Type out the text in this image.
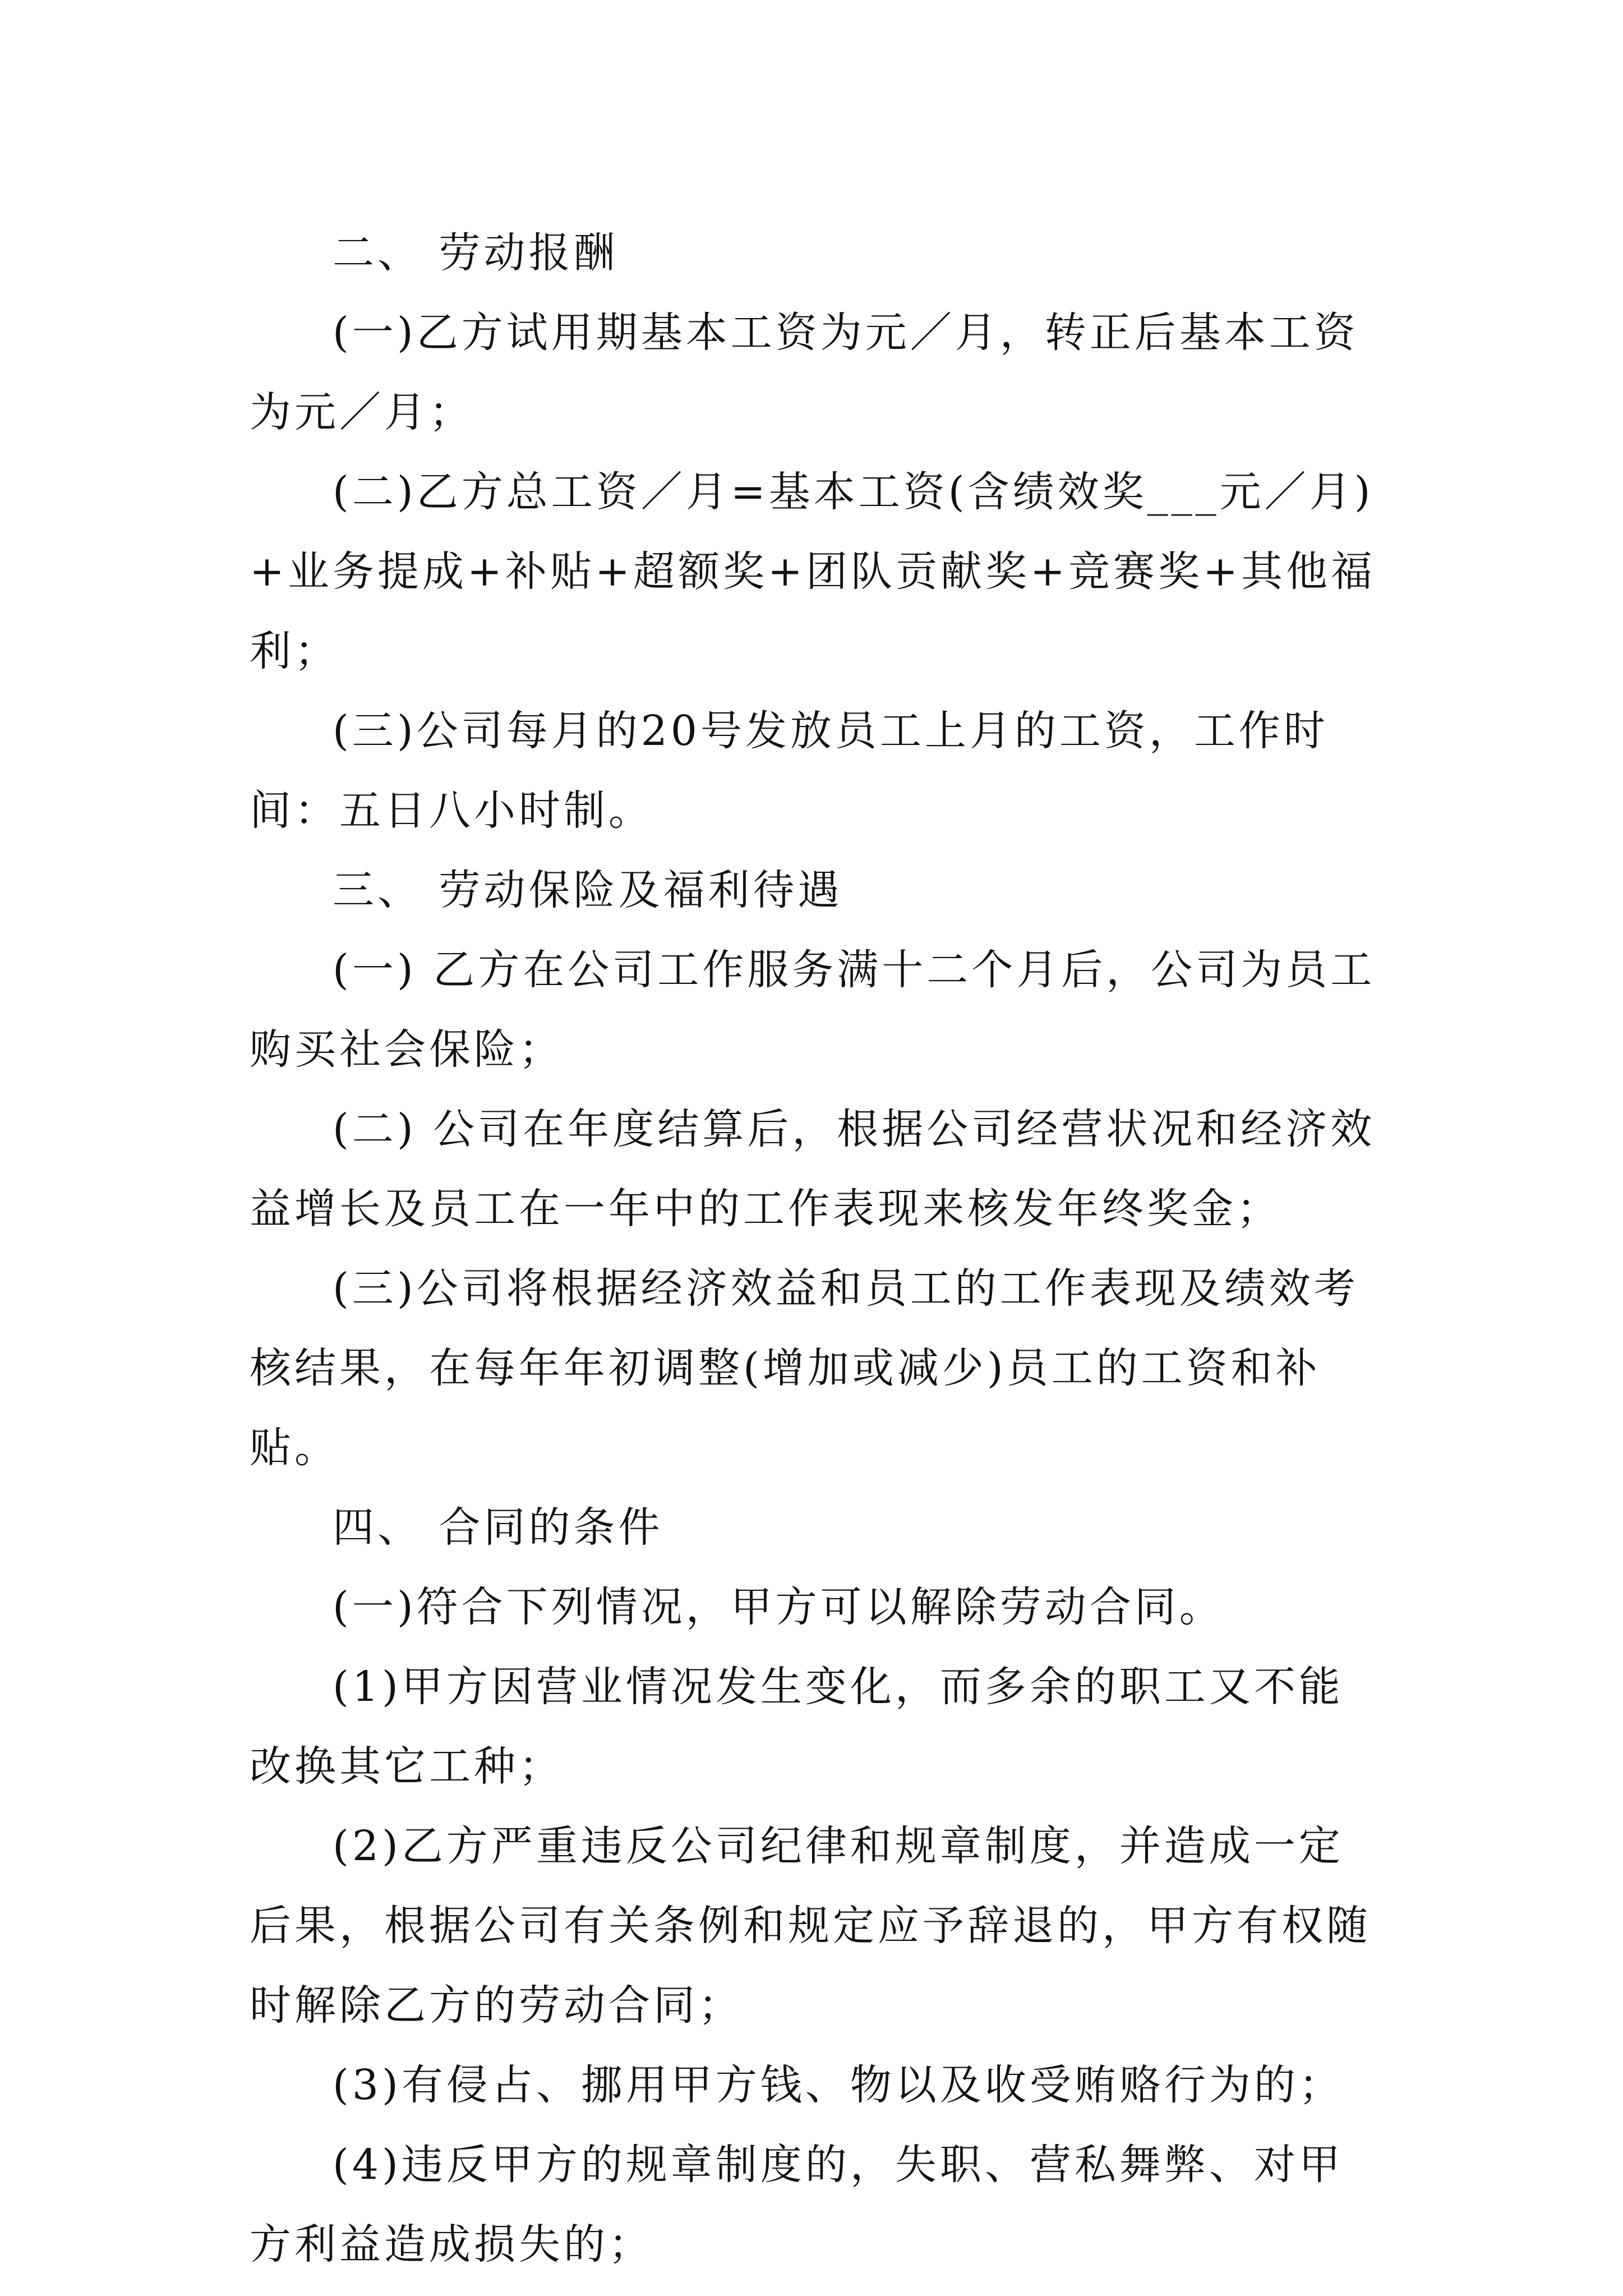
二、 劳动报酬

(一)乙方试用期基本工资为元／月，转正后基本工资为元／月；

(二)乙方总工资／月=基本工资(含绩效奖___元／月)+业务提成+补贴+超额奖+团队贡献奖+竞赛奖+其他福利；

(三)公司每月的20号发放员工上月的工资，工作时间：五日八小时制。

三、 劳动保险及福利待遇

(一) 乙方在公司工作服务满十二个月后，公司为员工购买社会保险；

(二) 公司在年度结算后，根据公司经营状况和经济效益增长及员工在一年中的工作表现来核发年终奖金；

(三)公司将根据经济效益和员工的工作表现及绩效考核结果，在每年年初调整(增加或减少)员工的工资和补贴。

四、 合同的条件

(一)符合下列情况，甲方可以解除劳动合同。

(1)甲方因营业情况发生变化，而多余的职工又不能改换其它工种；

(2)乙方严重违反公司纪律和规章制度，并造成一定后果，根据公司有关条例和规定应予辞退的，甲方有权随时解除乙方的劳动合同；

(3)有侵占、挪用甲方钱、物以及收受贿赂行为的；

(4)违反甲方的规章制度的，失职、营私舞弊、对甲方利益造成损失的；
